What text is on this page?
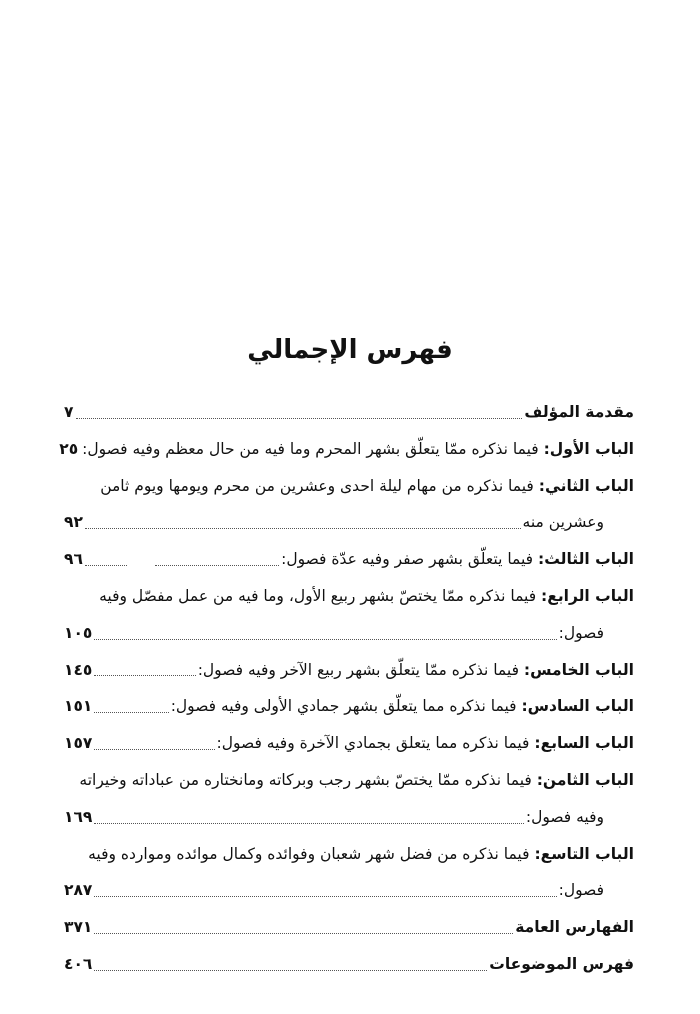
فهرس الإجمالي
مقدمة المؤلف
٧
الباب الأول: فيما نذكره ممّا يتعلّق بشهر المحرم وما فيه من حال معظم وفيه فصول:
٢٥
الباب الثاني: فيما نذكره من مهام ليلة احدى وعشرين من محرم ويومها ويوم ثامن
وعشرين منه
٩٢
الباب الثالث: فيما يتعلّق بشهر صفر وفيه عدّة فصول:
٩٦
الباب الرابع: فيما نذكره ممّا يختصّ بشهر ربيع الأول، وما فيه من عمل مفصّل وفيه
فصول:
١٠٥
الباب الخامس: فيما نذكره ممّا يتعلّق بشهر ربيع الآخر وفيه فصول:
١٤٥
الباب السادس: فيما نذكره مما يتعلّق بشهر جمادي الأولى وفيه فصول:
١٥١
الباب السابع: فيما نذكره مما يتعلق بجمادي الآخرة وفيه فصول:
١٥٧
الباب الثامن: فيما نذكره ممّا يختصّ بشهر رجب وبركاته ومانختاره من عباداته وخيراته
وفيه فصول:
١٦٩
الباب التاسع: فيما نذكره من فضل شهر شعبان وفوائده وكمال موائده وموارده وفيه
فصول:
٢٨٧
الفهارس العامة
٣٧١
فهرس الموضوعات
٤٠٦
